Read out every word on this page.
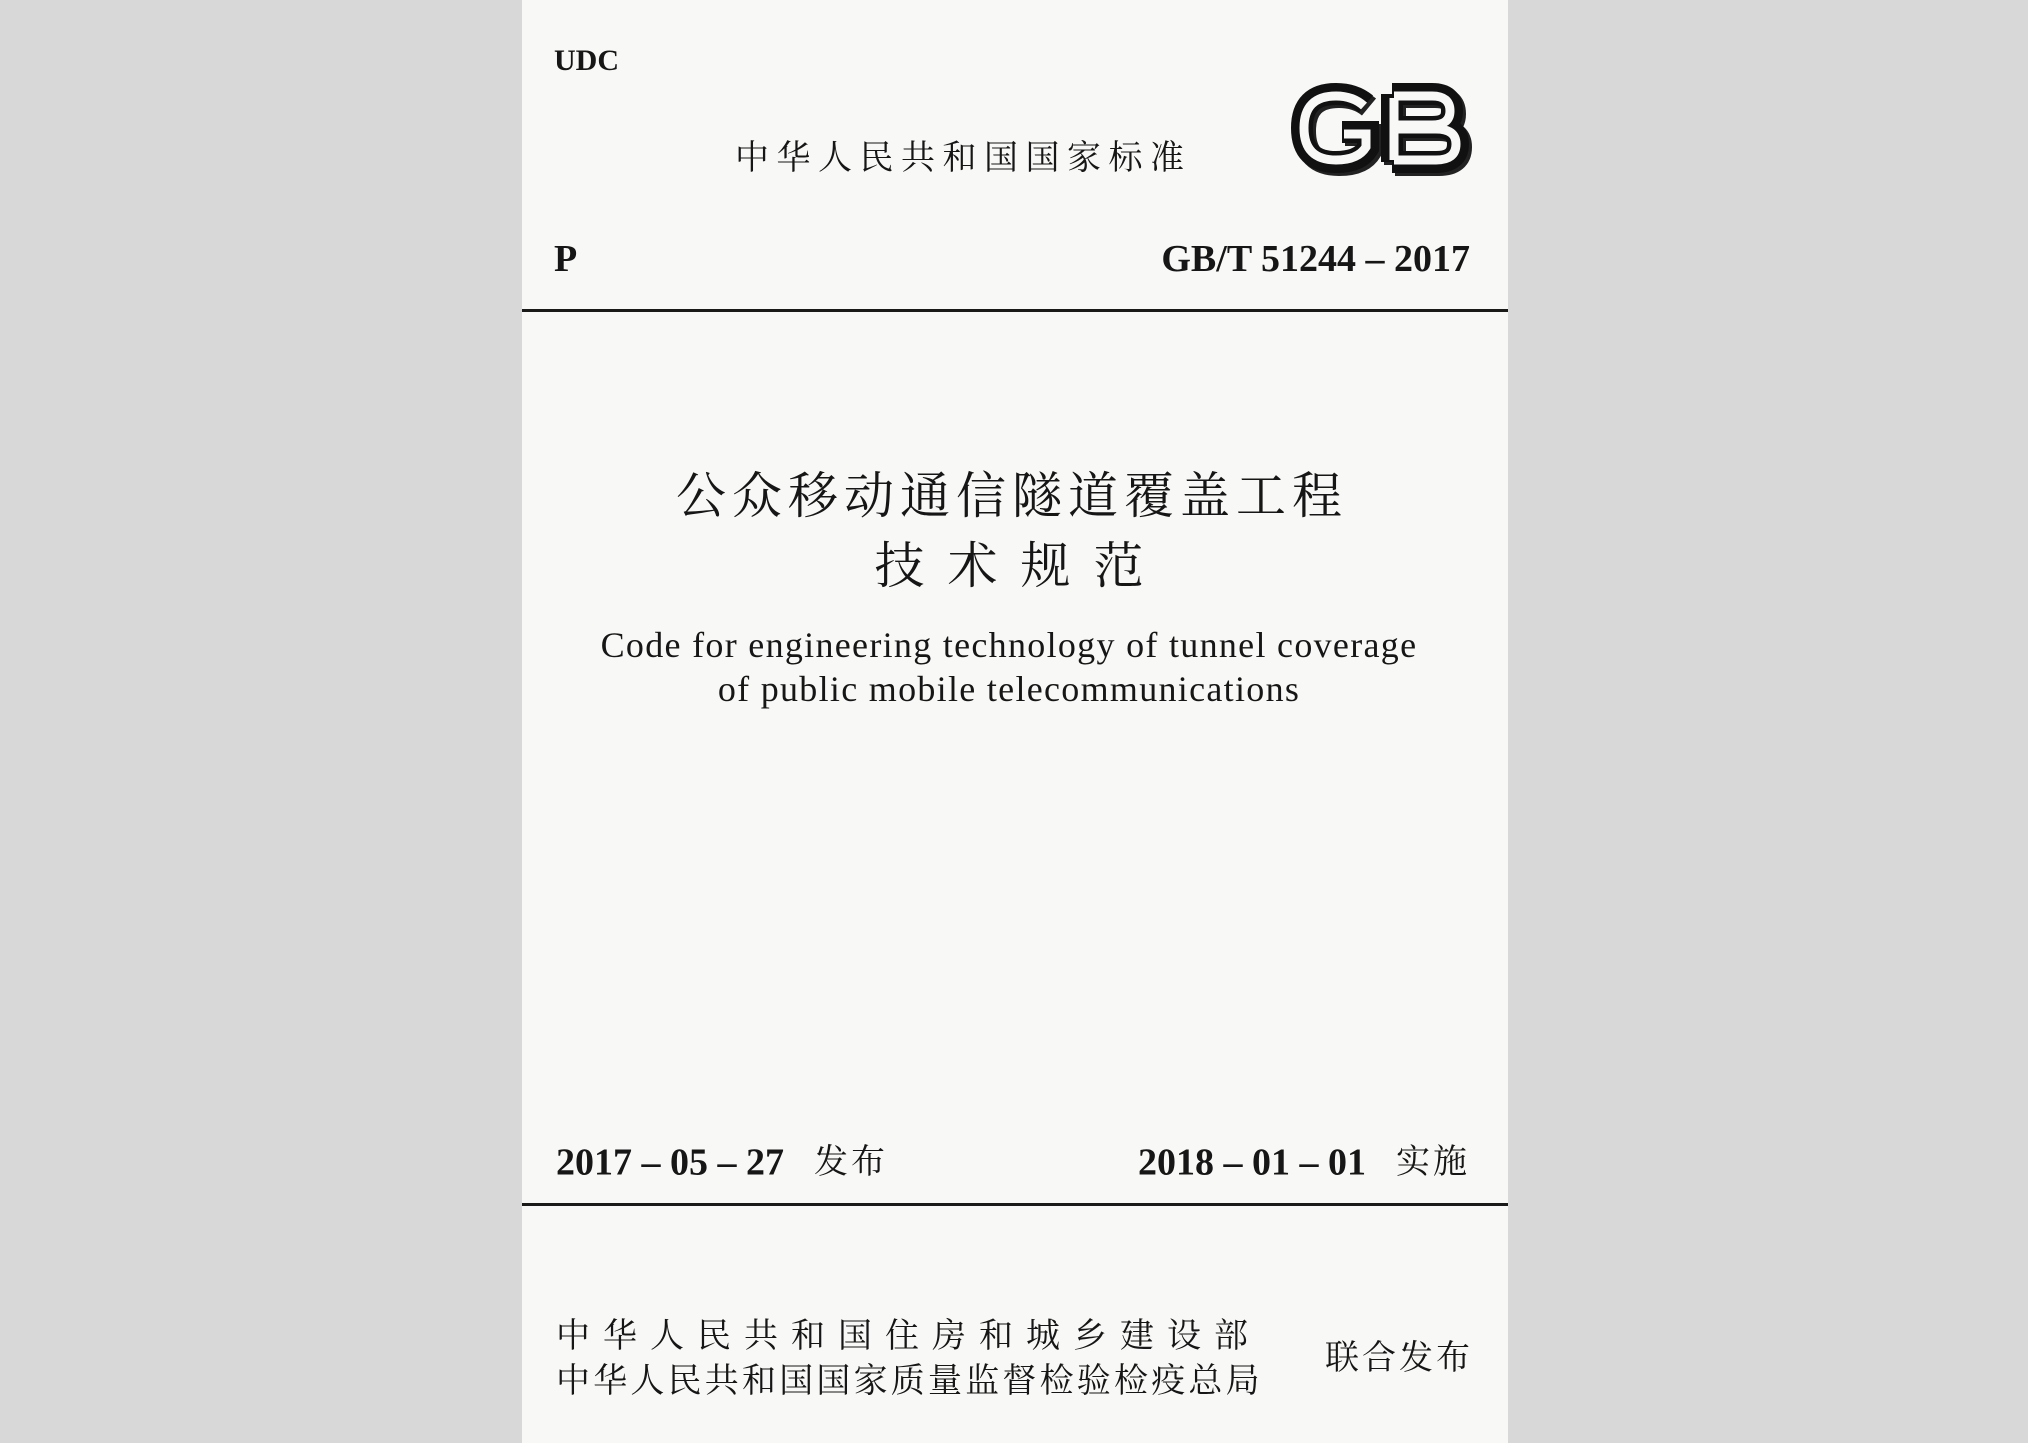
UDC
中华人民共和国国家标准
P	GB/T 51244 – 2017
公众移动通信隧道覆盖工程
技术规范
Code for engineering technology of tunnel coverage
of public mobile telecommunications
2017 – 05 – 27 发布	2018 – 01 – 01 实施
中华人民共和国住房和城乡建设部
中华人民共和国国家质量监督检验检疫总局
联合发布
